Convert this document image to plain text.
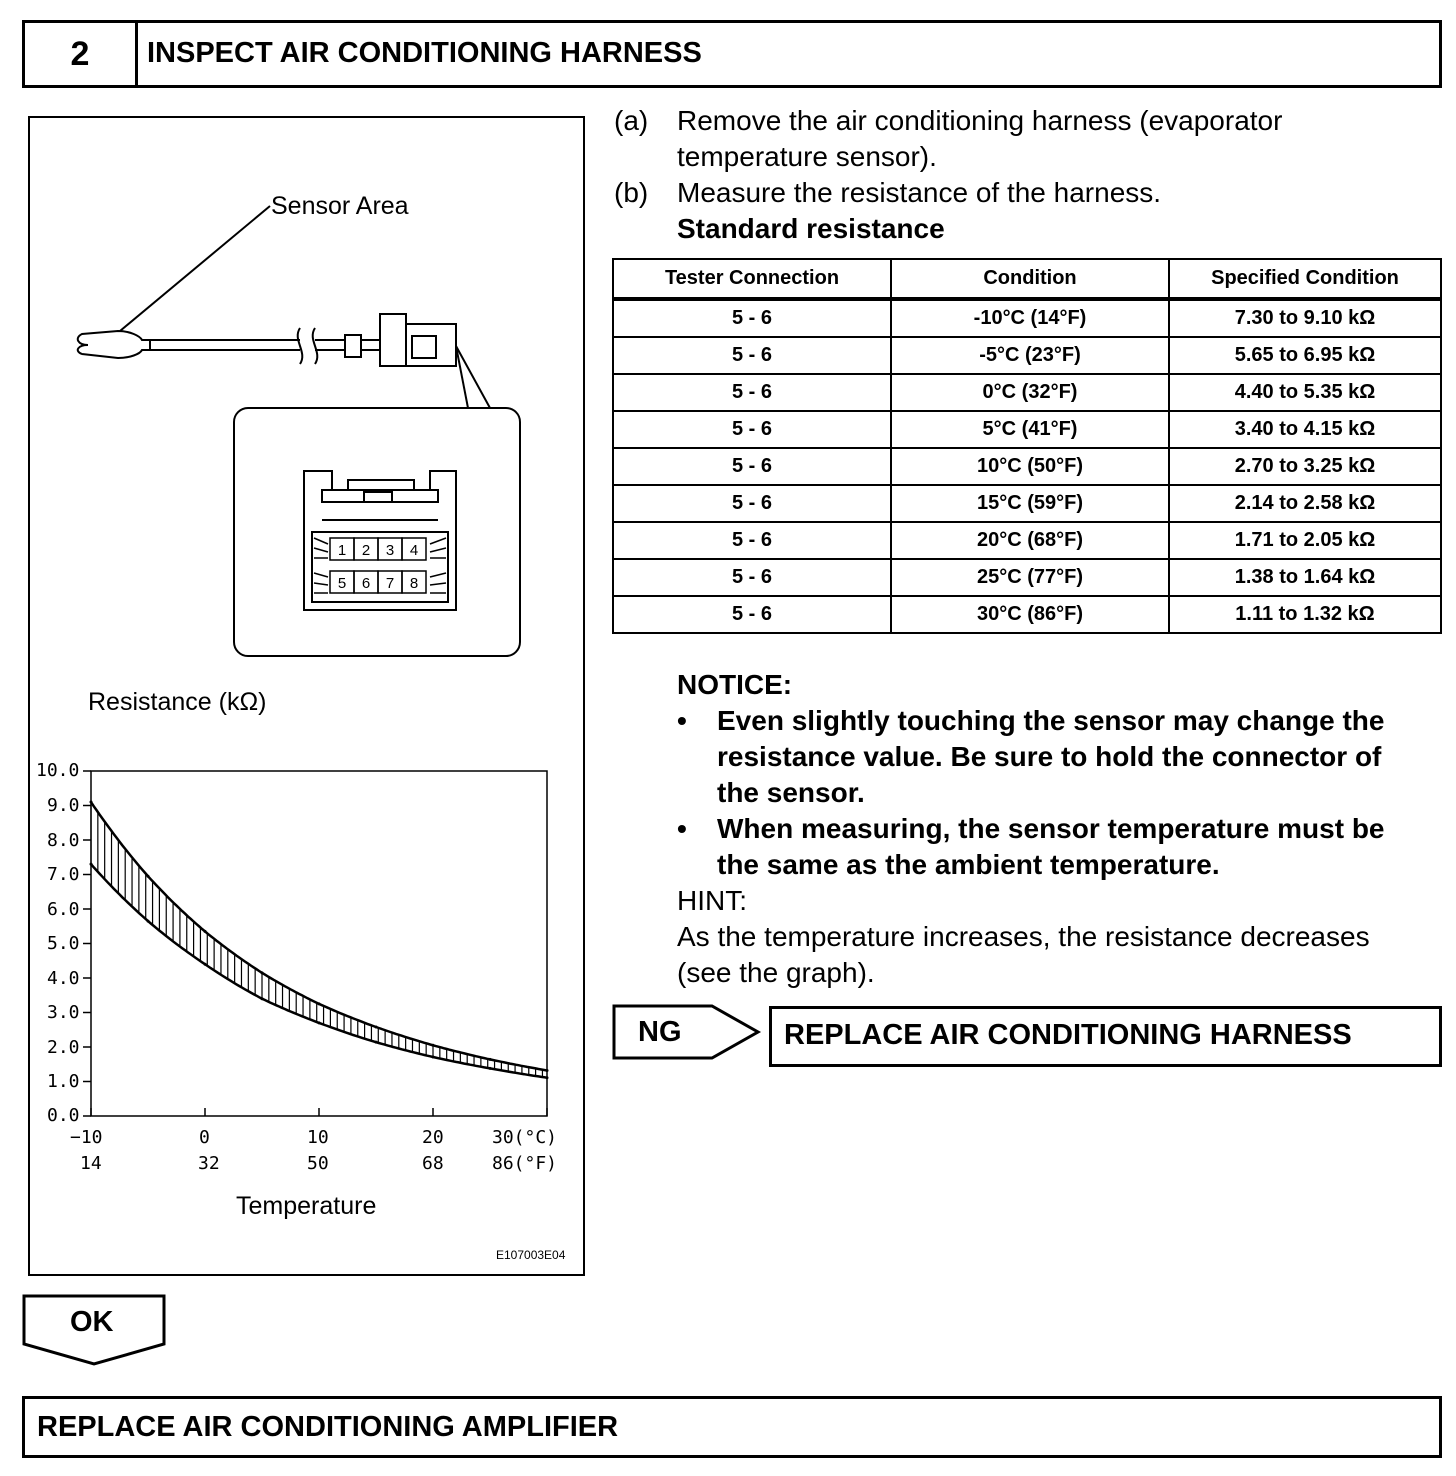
2	INSPECT AIR CONDITIONING HARNESS
1 2 3 4
5 6 7 8
Sensor Area
Resistance (kΩ)
Temperature
E107003E04
10.0
9.0
8.0
7.0
6.0
5.0
4.0
3.0
2.0
1.0
0.0
−10	0	10	20	30(°C)
14	32	50	68	86(°F)
(a) Remove the air conditioning harness (evaporator
temperature sensor).
(b) Measure the resistance of the harness.
Standard resistance
Tester Connection	Condition	Specified Condition
5 - 6	-10°C (14°F)	7.30 to 9.10 kΩ
5 - 6	-5°C (23°F)	5.65 to 6.95 kΩ
5 - 6	0°C (32°F)	4.40 to 5.35 kΩ
5 - 6	5°C (41°F)	3.40 to 4.15 kΩ
5 - 6	10°C (50°F)	2.70 to 3.25 kΩ
5 - 6	15°C (59°F)	2.14 to 2.58 kΩ
5 - 6	20°C (68°F)	1.71 to 2.05 kΩ
5 - 6	25°C (77°F)	1.38 to 1.64 kΩ
5 - 6	30°C (86°F)	1.11 to 1.32 kΩ
NOTICE:
• Even slightly touching the sensor may change the
resistance value. Be sure to hold the connector of
the sensor.
• When measuring, the sensor temperature must be
the same as the ambient temperature.
HINT:
As the temperature increases, the resistance decreases
(see the graph).
NG	REPLACE AIR CONDITIONING HARNESS
OK
REPLACE AIR CONDITIONING AMPLIFIER
